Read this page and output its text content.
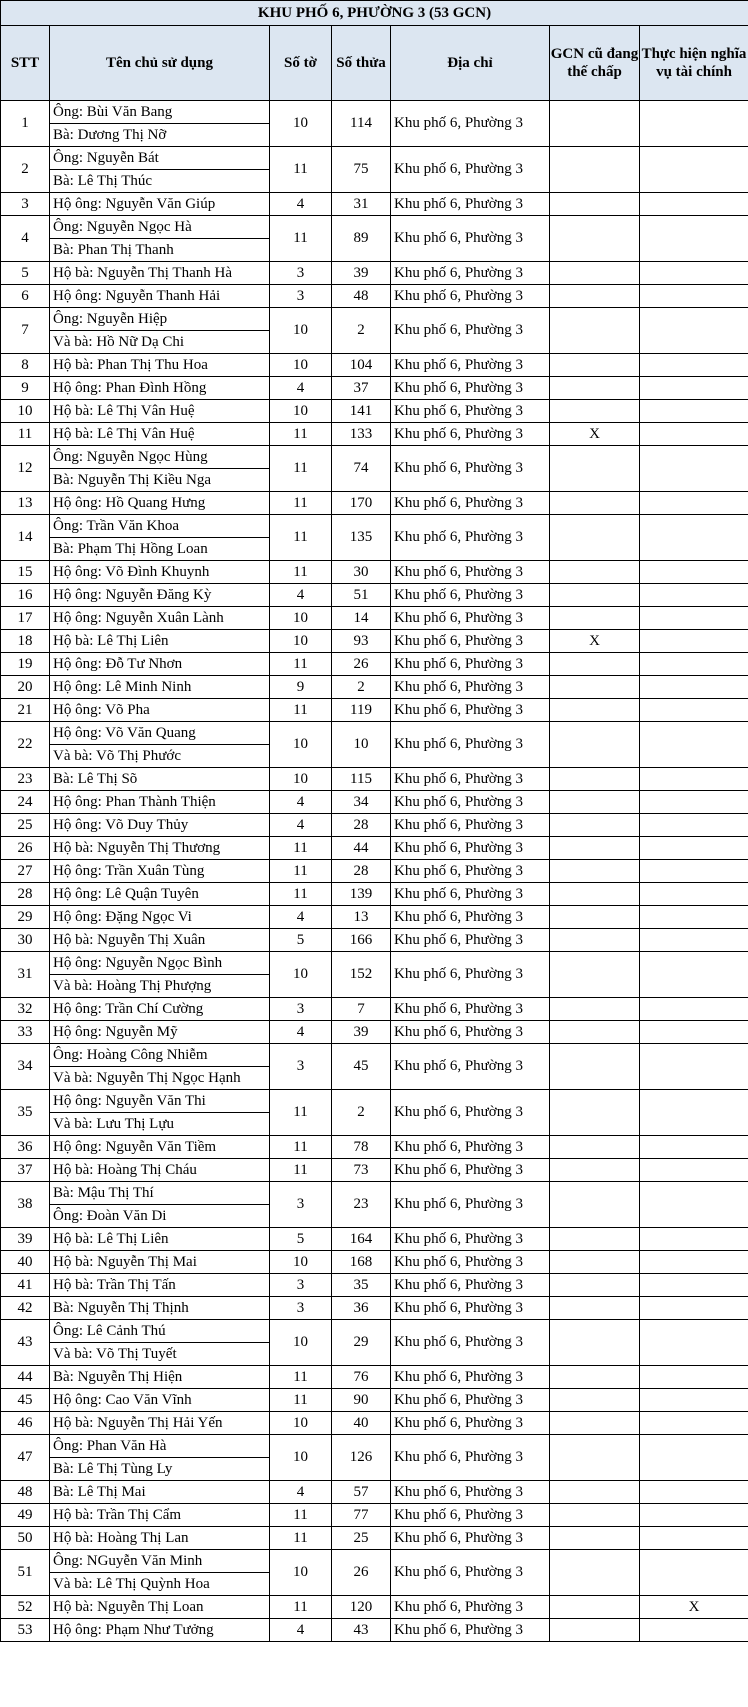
KHU PHỐ 6, PHƯỜNG 3 (53 GCN)						
STT	Tên chủ sử dụng	Số tờ	Số thửa	Địa chỉ	GCN cũ đang thế chấp	Thực hiện nghĩa vụ tài chính
1	Ông: Bùi Văn Bang
Bà: Dương Thị Nỡ	10	114	Khu phố 6, Phường 3		
2	Ông: Nguyễn Bát
Bà: Lê Thị Thúc	11	75	Khu phố 6, Phường 3		
3	Hộ ông: Nguyễn Văn Giúp	4	31	Khu phố 6, Phường 3		
4	Ông: Nguyễn Ngọc Hà
Bà: Phan Thị Thanh	11	89	Khu phố 6, Phường 3		
5	Hộ bà: Nguyễn Thị Thanh Hà	3	39	Khu phố 6, Phường 3		
6	Hộ ông: Nguyễn Thanh Hải	3	48	Khu phố 6, Phường 3		
7	Ông: Nguyễn Hiệp
Và bà: Hồ Nữ Dạ Chi	10	2	Khu phố 6, Phường 3		
8	Hộ bà: Phan Thị Thu Hoa	10	104	Khu phố 6, Phường 3		
9	Hộ ông: Phan Đình Hồng	4	37	Khu phố 6, Phường 3		
10	Hộ bà: Lê Thị Vân Huệ	10	141	Khu phố 6, Phường 3		
11	Hộ bà: Lê Thị Vân Huệ	11	133	Khu phố 6, Phường 3	X	
12	Ông: Nguyễn Ngọc Hùng
Bà: Nguyễn Thị Kiều Nga	11	74	Khu phố 6, Phường 3		
13	Hộ ông: Hồ Quang Hưng	11	170	Khu phố 6, Phường 3		
14	Ông: Trần Văn Khoa
Bà: Phạm Thị Hồng Loan	11	135	Khu phố 6, Phường 3		
15	Hộ ông: Võ Đình Khuynh	11	30	Khu phố 6, Phường 3		
16	Hộ ông: Nguyễn Đăng Kỳ	4	51	Khu phố 6, Phường 3		
17	Hộ ông: Nguyễn Xuân Lành	10	14	Khu phố 6, Phường 3		
18	Hộ bà: Lê Thị Liên	10	93	Khu phố 6, Phường 3	X	
19	Hộ ông: Đỗ Tư Nhơn	11	26	Khu phố 6, Phường 3		
20	Hộ ông: Lê Minh Ninh	9	2	Khu phố 6, Phường 3		
21	Hộ ông: Võ Pha	11	119	Khu phố 6, Phường 3		
22	Hộ ông: Võ Văn Quang
Và bà: Võ Thị Phước	10	10	Khu phố 6, Phường 3		
23	Bà: Lê Thị Sõ	10	115	Khu phố 6, Phường 3		
24	Hộ ông: Phan Thành Thiện	4	34	Khu phố 6, Phường 3		
25	Hộ ông: Võ Duy Thủy	4	28	Khu phố 6, Phường 3		
26	Hộ bà: Nguyễn Thị Thương	11	44	Khu phố 6, Phường 3		
27	Hộ ông: Trần Xuân Tùng	11	28	Khu phố 6, Phường 3		
28	Hộ ông: Lê Quận Tuyên	11	139	Khu phố 6, Phường 3		
29	Hộ ông: Đặng Ngọc Vi	4	13	Khu phố 6, Phường 3		
30	Hộ bà: Nguyễn Thị Xuân	5	166	Khu phố 6, Phường 3		
31	Hộ ông: Nguyễn Ngọc Bình
Và bà: Hoàng Thị Phượng	10	152	Khu phố 6, Phường 3		
32	Hộ ông: Trần Chí Cường	3	7	Khu phố 6, Phường 3		
33	Hộ ông: Nguyễn Mỹ	4	39	Khu phố 6, Phường 3		
34	Ông: Hoàng Công Nhiễm
Và bà: Nguyễn Thị Ngọc Hạnh	3	45	Khu phố 6, Phường 3		
35	Hộ ông: Nguyễn Văn Thi
Và bà: Lưu Thị Lựu	11	2	Khu phố 6, Phường 3		
36	Hộ ông: Nguyễn Văn Tiềm	11	78	Khu phố 6, Phường 3		
37	Hộ bà: Hoàng Thị Cháu	11	73	Khu phố 6, Phường 3		
38	Bà: Mậu Thị Thí
Ông: Đoàn Văn Di	3	23	Khu phố 6, Phường 3		
39	Hộ bà: Lê Thị Liên	5	164	Khu phố 6, Phường 3		
40	Hộ bà: Nguyễn Thị Mai	10	168	Khu phố 6, Phường 3		
41	Hộ bà: Trần Thị Tấn	3	35	Khu phố 6, Phường 3		
42	Bà: Nguyễn Thị Thịnh	3	36	Khu phố 6, Phường 3		
43	Ông: Lê Cảnh Thú
Và bà: Võ Thị Tuyết	10	29	Khu phố 6, Phường 3		
44	Bà: Nguyễn Thị Hiện	11	76	Khu phố 6, Phường 3		
45	Hộ ông: Cao Văn Vĩnh	11	90	Khu phố 6, Phường 3		
46	Hộ bà: Nguyễn Thị Hải Yến	10	40	Khu phố 6, Phường 3		
47	Ông: Phan Văn Hà
Bà: Lê Thị Tùng Ly	10	126	Khu phố 6, Phường 3		
48	Bà: Lê Thị Mai	4	57	Khu phố 6, Phường 3		
49	Hộ bà: Trần Thị Cẩm	11	77	Khu phố 6, Phường 3		
50	Hộ bà: Hoàng Thị Lan	11	25	Khu phố 6, Phường 3		
51	Ông: NGuyễn Văn Minh
Và bà: Lê Thị Quỳnh Hoa	10	26	Khu phố 6, Phường 3		
52	Hộ bà: Nguyễn Thị Loan	11	120	Khu phố 6, Phường 3		X
53	Hộ ông: Phạm Như Tưởng	4	43	Khu phố 6, Phường 3		
